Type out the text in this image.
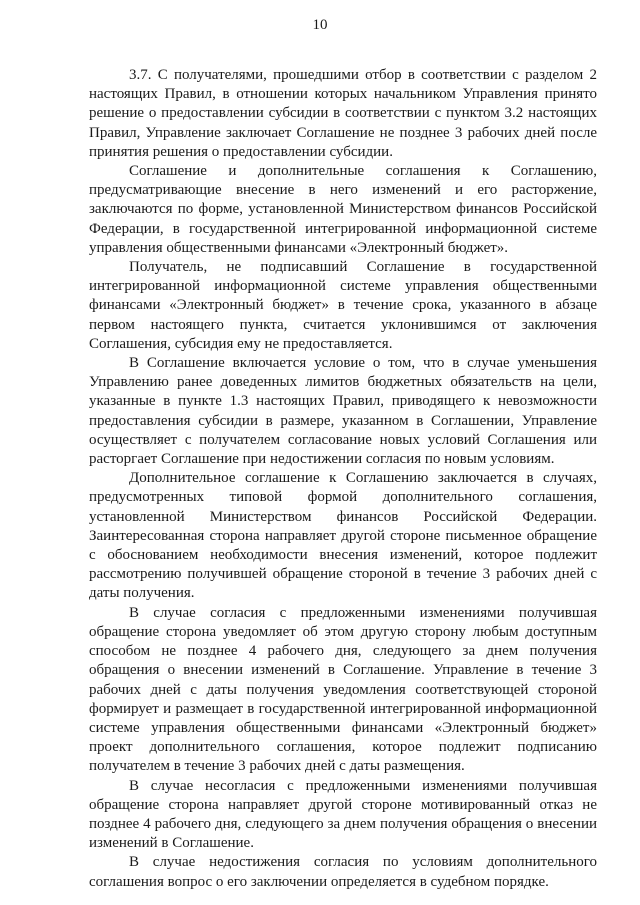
10

3.7. С получателями, прошедшими отбор в соответствии с разделом 2 настоящих Правил, в отношении которых начальником Управления принято решение о предоставлении субсидии в соответствии с пунктом 3.2 настоящих Правил, Управление заключает Соглашение не позднее 3 рабочих дней после принятия решения о предоставлении субсидии.

Соглашение и дополнительные соглашения к Соглашению, предусматривающие внесение в него изменений и его расторжение, заключаются по форме, установленной Министерством финансов Российской Федерации, в государственной интегрированной информационной системе управления общественными финансами «Электронный бюджет».

Получатель, не подписавший Соглашение в государственной интегрированной информационной системе управления общественными финансами «Электронный бюджет» в течение срока, указанного в абзаце первом настоящего пункта, считается уклонившимся от заключения Соглашения, субсидия ему не предоставляется.

В Соглашение включается условие о том, что в случае уменьшения Управлению ранее доведенных лимитов бюджетных обязательств на цели, указанные в пункте 1.3 настоящих Правил, приводящего к невозможности предоставления субсидии в размере, указанном в Соглашении, Управление осуществляет с получателем согласование новых условий Соглашения или расторгает Соглашение при недостижении согласия по новым условиям.

Дополнительное соглашение к Соглашению заключается в случаях, предусмотренных типовой формой дополнительного соглашения, установленной Министерством финансов Российской Федерации. Заинтересованная сторона направляет другой стороне письменное обращение с обоснованием необходимости внесения изменений, которое подлежит рассмотрению получившей обращение стороной в течение 3 рабочих дней с даты получения.

В случае согласия с предложенными изменениями получившая обращение сторона уведомляет об этом другую сторону любым доступным способом не позднее 4 рабочего дня, следующего за днем получения обращения о внесении изменений в Соглашение. Управление в течение 3 рабочих дней с даты получения уведомления соответствующей стороной формирует и размещает в государственной интегрированной информационной системе управления общественными финансами «Электронный бюджет» проект дополнительного соглашения, которое подлежит подписанию получателем в течение 3 рабочих дней с даты размещения.

В случае несогласия с предложенными изменениями получившая обращение сторона направляет другой стороне мотивированный отказ не позднее 4 рабочего дня, следующего за днем получения обращения о внесении изменений в Соглашение.

В случае недостижения согласия по условиям дополнительного соглашения вопрос о его заключении определяется в судебном порядке.
